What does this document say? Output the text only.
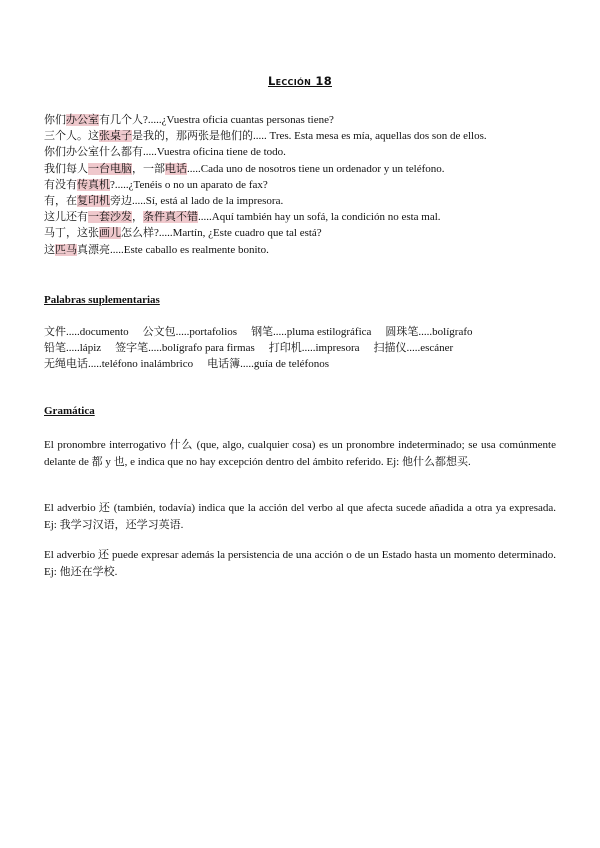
Lección 18
你们办公室有几个人?.....¿Vuestra oficia cuantas personas tiene?
三个人。这张桌子是我的，那两张是他们的..... Tres. Esta mesa es mía, aquellas dos son de ellos.
你们办公室什么都有.....Vuestra oficina tiene de todo.
我们每人一台电脑，一部电话.....Cada uno de nosotros tiene un ordenador y un teléfono.
有没有传真机?.....¿Tenéis o no un aparato de fax?
有，在复印机旁边.....Sí, está al lado de la impresora.
这儿还有一套沙发，条件真不错.....Aquí también hay un sofá, la condición no esta mal.
马丁，这张画儿怎么样?.....Martín, ¿Este cuadro que tal está?
这匹马真漂亮.....Este caballo es realmente bonito.
Palabras suplementarias
文件.....documento 公文包.....portafolios 钢笔.....pluma estilográfica 圆珠笔.....bolígrafo
铅笔.....lápiz 签字笔.....bolígrafo para firmas 打印机.....impresora 扫描仪.....escáner
无绳电话.....teléfono inalámbrico 电话簿.....guía de teléfonos
Gramática
El pronombre interrogativo 什么 (que, algo, cualquier cosa) es un pronombre indeterminado; se usa comúnmente delante de 都 y 也, e indica que no hay excepción dentro del ámbito referido. Ej: 他什么都想买.
El adverbio 还 (también, todavía) indica que la acción del verbo al que afecta sucede añadida a otra ya expresada. Ej: 我学习汉语，还学习英语.
El adverbio 还 puede expresar además la persistencia de una acción o de un Estado hasta un momento determinado. Ej: 他还在学校.
